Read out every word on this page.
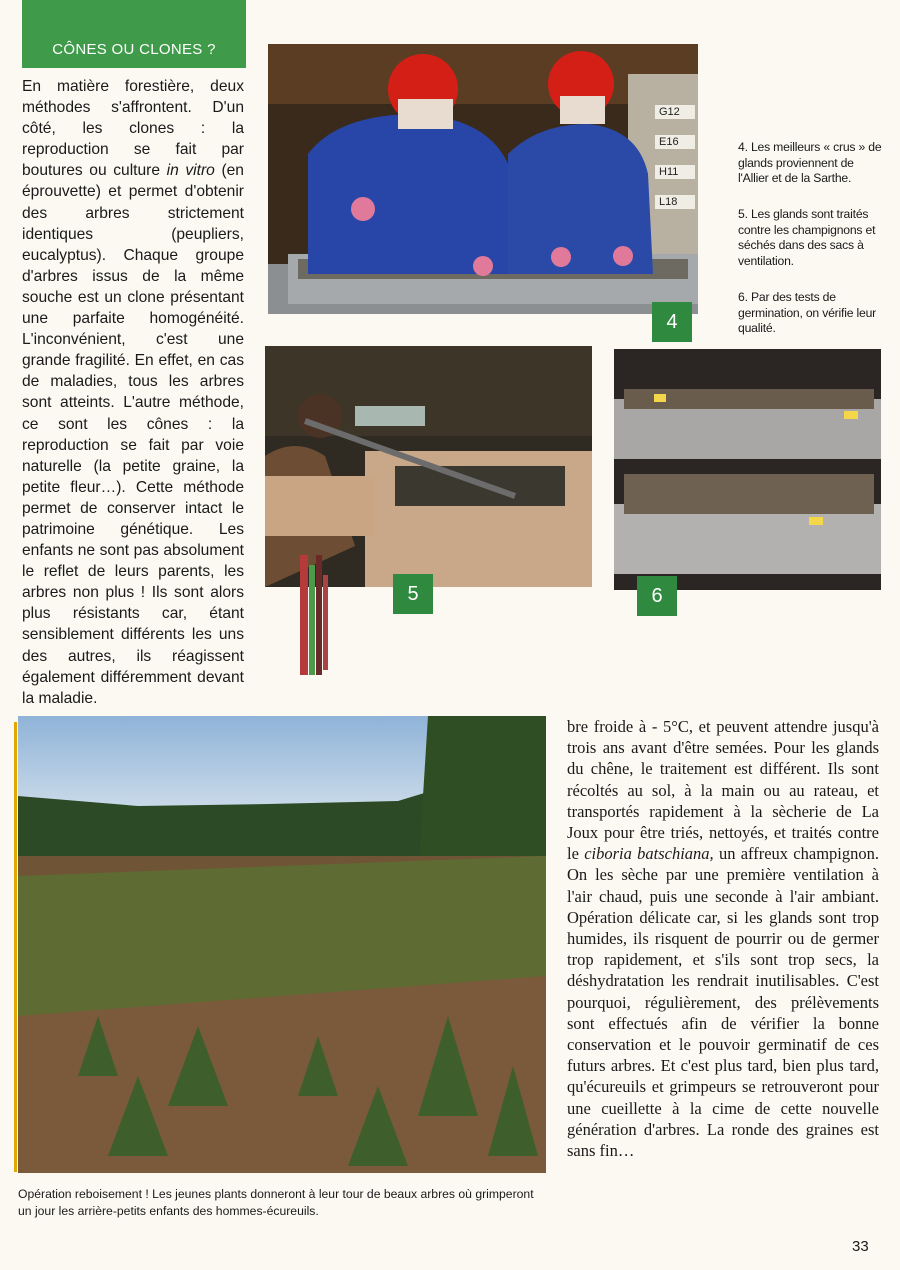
CÔNES OU CLONES ?
En matière forestière, deux méthodes s'affrontent. D'un côté, les clones : la reproduction se fait par boutures ou culture in vitro (en éprouvette) et permet d'obtenir des arbres strictement identiques (peupliers, eucalyptus). Chaque groupe d'arbres issus de la même souche est un clone présentant une parfaite homogénéité. L'inconvénient, c'est une grande fragilité. En effet, en cas de maladies, tous les arbres sont atteints. L'autre méthode, ce sont les cônes : la reproduction se fait par voie naturelle (la petite graine, la petite fleur…). Cette méthode permet de conserver intact le patrimoine génétique. Les enfants ne sont pas absolument le reflet de leurs parents, les arbres non plus ! Ils sont alors plus résistants car, étant sensiblement différents les uns des autres, ils réagissent également différemment devant la maladie.
G12
E16
H11
L18
4
4. Les meilleurs « crus » de glands proviennent de l'Allier et de la Sarthe.
5. Les glands sont traités contre les champignons et séchés dans des sacs à ventilation.
6. Par des tests de germination, on vérifie leur qualité.
5	6
Opération reboisement ! Les jeunes plants donneront à leur tour de beaux arbres où grimperont un jour les arrière-petits enfants des hommes-écureuils.
bre froide à - 5°C, et peuvent attendre jusqu'à trois ans avant d'être semées. Pour les glands du chêne, le traitement est différent. Ils sont récoltés au sol, à la main ou au rateau, et transportés rapidement à la sècherie de La Joux pour être triés, nettoyés, et traités contre le ciboria batschiana, un affreux champignon. On les sèche par une première ventilation à l'air chaud, puis une seconde à l'air ambiant. Opération délicate car, si les glands sont trop humides, ils risquent de pourrir ou de germer trop rapidement, et s'ils sont trop secs, la déshydratation les rendrait inutilisables. C'est pourquoi, régulièrement, des prélèvements sont effectués afin de vérifier la bonne conservation et le pouvoir germinatif de ces futurs arbres. Et c'est plus tard, bien plus tard, qu'écureuils et grimpeurs se retrouveront pour une cueillette à la cime de cette nouvelle génération d'arbres. La ronde des graines est sans fin…
33
